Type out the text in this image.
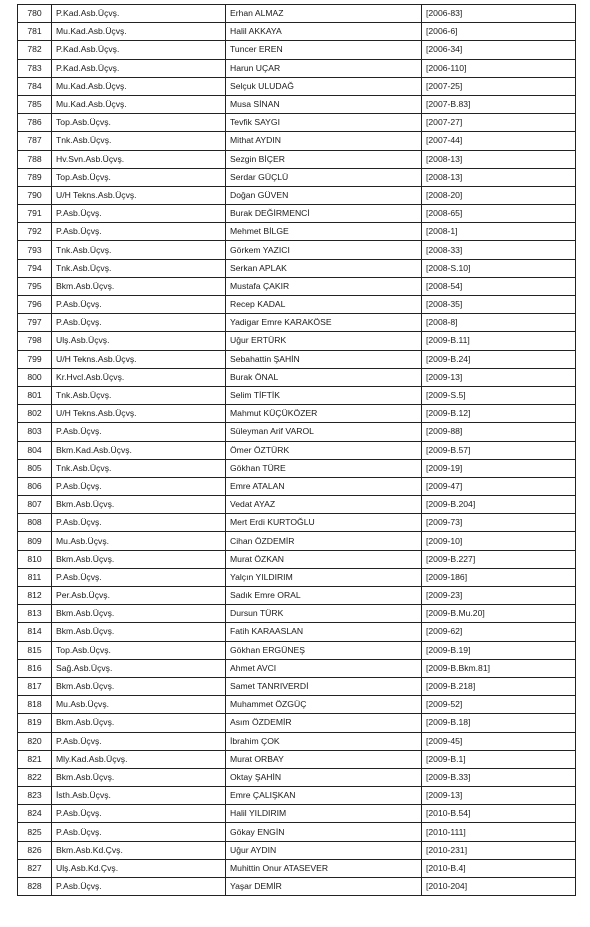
780	P.Kad.Asb.Üçvş.	Erhan ALMAZ	[2006-83]
781	Mu.Kad.Asb.Üçvş.	Halil AKKAYA	[2006-6]
782	P.Kad.Asb.Üçvş.	Tuncer EREN	[2006-34]
783	P.Kad.Asb.Üçvş.	Harun UÇAR	[2006-110]
784	Mu.Kad.Asb.Üçvş.	Selçuk ULUDAĞ	[2007-25]
785	Mu.Kad.Asb.Üçvş.	Musa SİNAN	[2007-B.83]
786	Top.Asb.Üçvş.	Tevfik SAYGI	[2007-27]
787	Tnk.Asb.Üçvş.	Mithat AYDIN	[2007-44]
788	Hv.Svn.Asb.Üçvş.	Sezgin BİÇER	[2008-13]
789	Top.Asb.Üçvş.	Serdar GÜÇLÜ	[2008-13]
790	U/H Tekns.Asb.Üçvş.	Doğan GÜVEN	[2008-20]
791	P.Asb.Üçvş.	Burak DEĞİRMENCİ	[2008-65]
792	P.Asb.Üçvş.	Mehmet BİLGE	[2008-1]
793	Tnk.Asb.Üçvş.	Görkem YAZICI	[2008-33]
794	Tnk.Asb.Üçvş.	Serkan APLAK	[2008-S.10]
795	Bkm.Asb.Üçvş.	Mustafa ÇAKIR	[2008-54]
796	P.Asb.Üçvş.	Recep KADAL	[2008-35]
797	P.Asb.Üçvş.	Yadigar Emre KARAKÖSE	[2008-8]
798	Ulş.Asb.Üçvş.	Uğur ERTÜRK	[2009-B.11]
799	U/H Tekns.Asb.Üçvş.	Sebahattin ŞAHİN	[2009-B.24]
800	Kr.Hvcl.Asb.Üçvş.	Burak ÖNAL	[2009-13]
801	Tnk.Asb.Üçvş.	Selim TİFTİK	[2009-S.5]
802	U/H Tekns.Asb.Üçvş.	Mahmut KÜÇÜKÖZER	[2009-B.12]
803	P.Asb.Üçvş.	Süleyman Arif VAROL	[2009-88]
804	Bkm.Kad.Asb.Üçvş.	Ömer ÖZTÜRK	[2009-B.57]
805	Tnk.Asb.Üçvş.	Gökhan TÜRE	[2009-19]
806	P.Asb.Üçvş.	Emre ATALAN	[2009-47]
807	Bkm.Asb.Üçvş.	Vedat AYAZ	[2009-B.204]
808	P.Asb.Üçvş.	Mert Erdi KURTOĞLU	[2009-73]
809	Mu.Asb.Üçvş.	Cihan ÖZDEMİR	[2009-10]
810	Bkm.Asb.Üçvş.	Murat ÖZKAN	[2009-B.227]
811	P.Asb.Üçvş.	Yalçın YILDIRIM	[2009-186]
812	Per.Asb.Üçvş.	Sadık Emre ORAL	[2009-23]
813	Bkm.Asb.Üçvş.	Dursun TÜRK	[2009-B.Mu.20]
814	Bkm.Asb.Üçvş.	Fatih KARAASLAN	[2009-62]
815	Top.Asb.Üçvş.	Gökhan ERGÜNEŞ	[2009-B.19]
816	Sağ.Asb.Üçvş.	Ahmet AVCI	[2009-B.Bkm.81]
817	Bkm.Asb.Üçvş.	Samet TANRIVERDİ	[2009-B.218]
818	Mu.Asb.Üçvş.	Muhammet ÖZGÜÇ	[2009-52]
819	Bkm.Asb.Üçvş.	Asım ÖZDEMİR	[2009-B.18]
820	P.Asb.Üçvş.	İbrahim ÇOK	[2009-45]
821	Mly.Kad.Asb.Üçvş.	Murat ORBAY	[2009-B.1]
822	Bkm.Asb.Üçvş.	Oktay ŞAHİN	[2009-B.33]
823	İsth.Asb.Üçvş.	Emre ÇALIŞKAN	[2009-13]
824	P.Asb.Üçvş.	Halil YILDIRIM	[2010-B.54]
825	P.Asb.Üçvş.	Gökay ENGİN	[2010-111]
826	Bkm.Asb.Kd.Çvş.	Uğur AYDIN	[2010-231]
827	Ulş.Asb.Kd.Çvş.	Muhittin Onur ATASEVER	[2010-B.4]
828	P.Asb.Üçvş.	Yaşar DEMİR	[2010-204]
